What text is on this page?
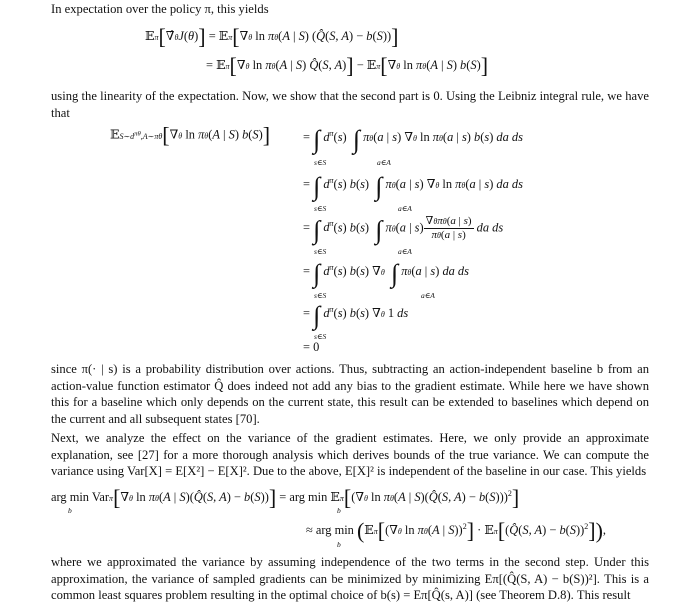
In expectation over the policy π, this yields

𝔼π[∇̂θJ(θ)] = 𝔼π[∇θ ln πθ(A | S) (Q̂(S, A) − b(S))]
= 𝔼π[∇θ ln πθ(A | S) Q̂(S, A)] − 𝔼π[∇θ ln πθ(A | S) b(S)]

using the linearity of the expectation. Now, we show that the second part is 0. Using the Leibniz integral rule, we have that

$𝔼S\sim d^{\pi\theta},A\sim\pi\theta[\nabla\theta$ ln πθ(A | S) b(S)]	= ∫ $d^\pi(s)$  ∫ πθ(a | s) ∇θ ln πθ(a | s) b(s) da ds
s∈S	a∈A
= ∫ $d^\pi(s)$ b(s)  ∫ πθ(a | s) ∇θ ln πθ(a | s) da ds
s∈S	a∈A
= ∫ $d^\pi(s)$ b(s)  ∫ πθ(a | $s) \frac{\text{∇θπθ(a | s)}}{\pi\theta(a | s)}$ da ds
s∈S	a∈A
= ∫ $d^\pi(s)$ b(s) ∇θ ∫ πθ(a | s) da ds
s∈S	a∈A
= ∫ $d^\pi(s)$ b(s) ∇θ 1 ds
s∈S
= 0

since π(· | s) is a probability distribution over actions. Thus, subtracting an action-independent baseline b from an action-value function estimator Q̂ does indeed not add any bias to the gradient estimate. While here we have shown this for a baseline which only depends on the current state, this result can be extended to baselines which depend on the current and all subsequent states [70].

Next, we analyze the effect on the variance of the gradient estimates. Here, we only provide an approximate explanation, see [27] for a more thorough analysis which derives bounds of the true variance. We can compute the variance using Var[X] = E[X²] − E[X]². Due to the above, E[X]² is independent of the baseline in our case. This yields

arg min Varπ[∇θ ln πθ(A | S)(Q̂(S, A) − b(S))] = arg min 𝔼π[(∇θ ln πθ(A | S)(Q̂(S, A) − b(S)))$^2$]
b	b
≈ arg min (𝔼π[(∇θ ln πθ(A | S))$^2$] · 𝔼π[(Q̂(S, A) − b(S))$^2$]),
b

where we approximated the variance by assuming independence of the two terms in the second step. Under this approximation, the variance of sampled gradients can be minimized by minimizing Eπ[(Q̂(S, A) − b(S))²]. This is a common least squares problem resulting in the optimal choice of b(s) = Eπ[Q̂(s, A)] (see Theorem D.8). This result
